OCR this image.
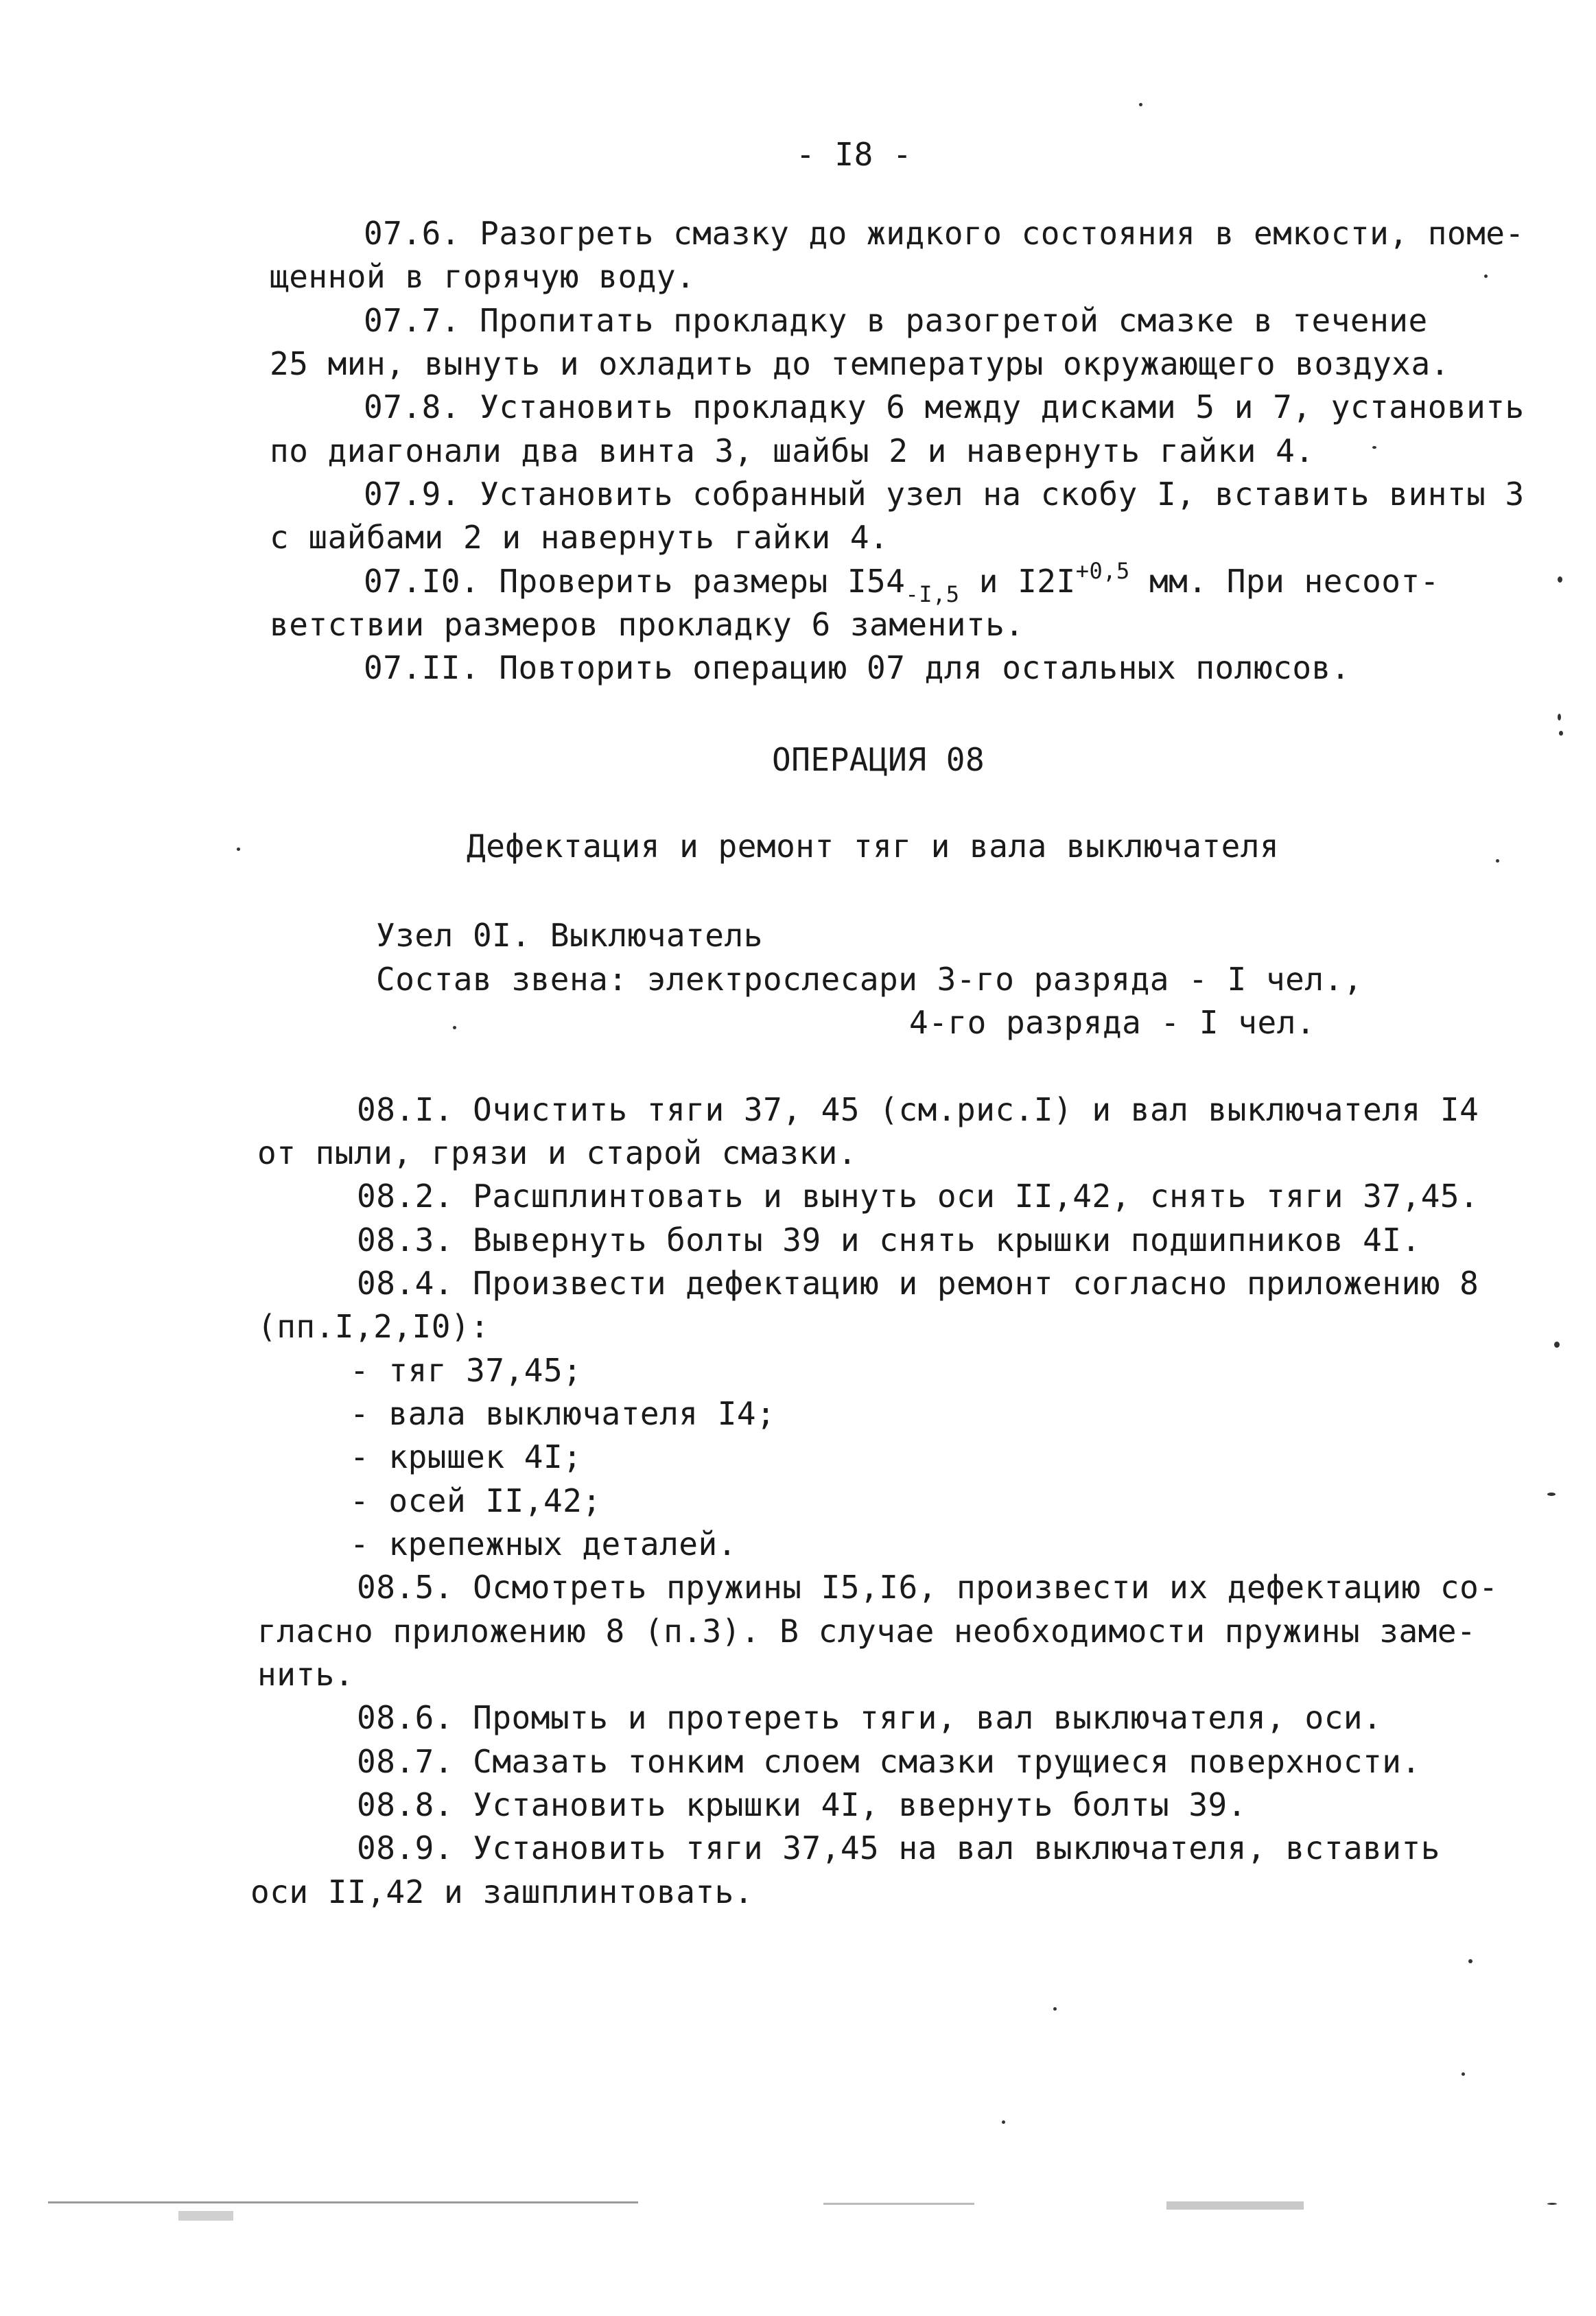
- I8 -
07.6. Разогреть смазку до жидкого состояния в емкости, поме-
щенной в горячую воду.
07.7. Пропитать прокладку в разогретой смазке в течение
25 мин, вынуть и охладить до температуры окружающего воздуха.
07.8. Установить прокладку 6 между дисками 5 и 7, установить
по диагонали два винта 3, шайбы 2 и навернуть гайки 4.
07.9. Установить собранный узел на скобу I, вставить винты 3
с шайбами 2 и навернуть гайки 4.
07.I0. Проверить размеры $I54_{-I,5}$ и $I2I^{+0,5}$ мм. При несоот-
ветствии размеров прокладку 6 заменить.
07.II. Повторить операцию 07 для остальных полюсов.
ОПЕРАЦИЯ 08
Дефектация и ремонт тяг и вала выключателя
Узел 0I. Выключатель
Состав звена: электрослесари 3-го разряда - I чел.,
4-го разряда - I чел.
08.I. Очистить тяги 37, 45 (см.рис.I) и вал выключателя I4
от пыли, грязи и старой смазки.
08.2. Расшплинтовать и вынуть оси II,42, снять тяги 37,45.
08.3. Вывернуть болты 39 и снять крышки подшипников 4I.
08.4. Произвести дефектацию и ремонт согласно приложению 8
(пп.I,2,I0):
- тяг 37,45;
- вала выключателя I4;
- крышек 4I;
- осей II,42;
- крепежных деталей.
08.5. Осмотреть пружины I5,I6, произвести их дефектацию со-
гласно приложению 8 (п.3). В случае необходимости пружины заме-
нить.
08.6. Промыть и протереть тяги, вал выключателя, оси.
08.7. Смазать тонким слоем смазки трущиеся поверхности.
08.8. Установить крышки 4I, ввернуть болты 39.
08.9. Установить тяги 37,45 на вал выключателя, вставить
оси II,42 и зашплинтовать.
